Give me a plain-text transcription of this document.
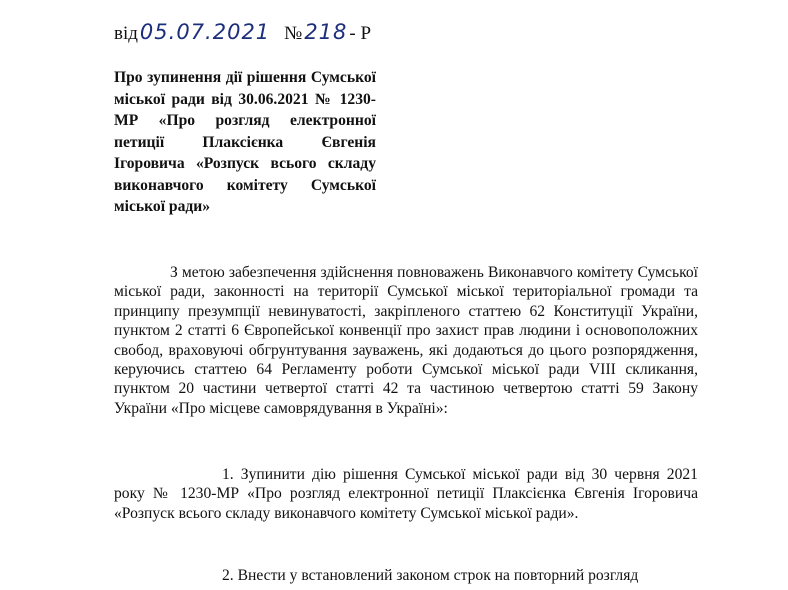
від 05.07.2021 № 218 - Р
Про зупинення дії рішення Сумської міської ради від 30.06.2021 № 1230-МР «Про розгляд електронної петиції Плаксієнка Євгенія Ігоровича «Розпуск всього складу виконавчого комітету Сумської міської ради»
З метою забезпечення здійснення повноважень Виконавчого комітету Сумської міської ради, законності на території Сумської міської територіальної громади та принципу презумпції невинуватості, закріпленого статтею 62 Конституції України, пунктом 2 статті 6 Європейської конвенції про захист прав людини і основоположних свобод, враховуючі обгрунтування зауважень, які додаються до цього розпорядження, керуючись статтею 64 Регламенту роботи Сумської міської ради VIII скликання, пунктом 20 частини четвертої статті 42 та частиною четвертою статті 59 Закону України «Про місцеве самоврядування в Україні»:
1. Зупинити дію рішення Сумської міської ради від 30 червня 2021 року № 1230-МР «Про розгляд електронної петиції Плаксієнка Євгенія Ігоровича «Розпуск всього складу виконавчого комітету Сумської міської ради».
2. Внести у встановлений законом строк на повторний розгляд
